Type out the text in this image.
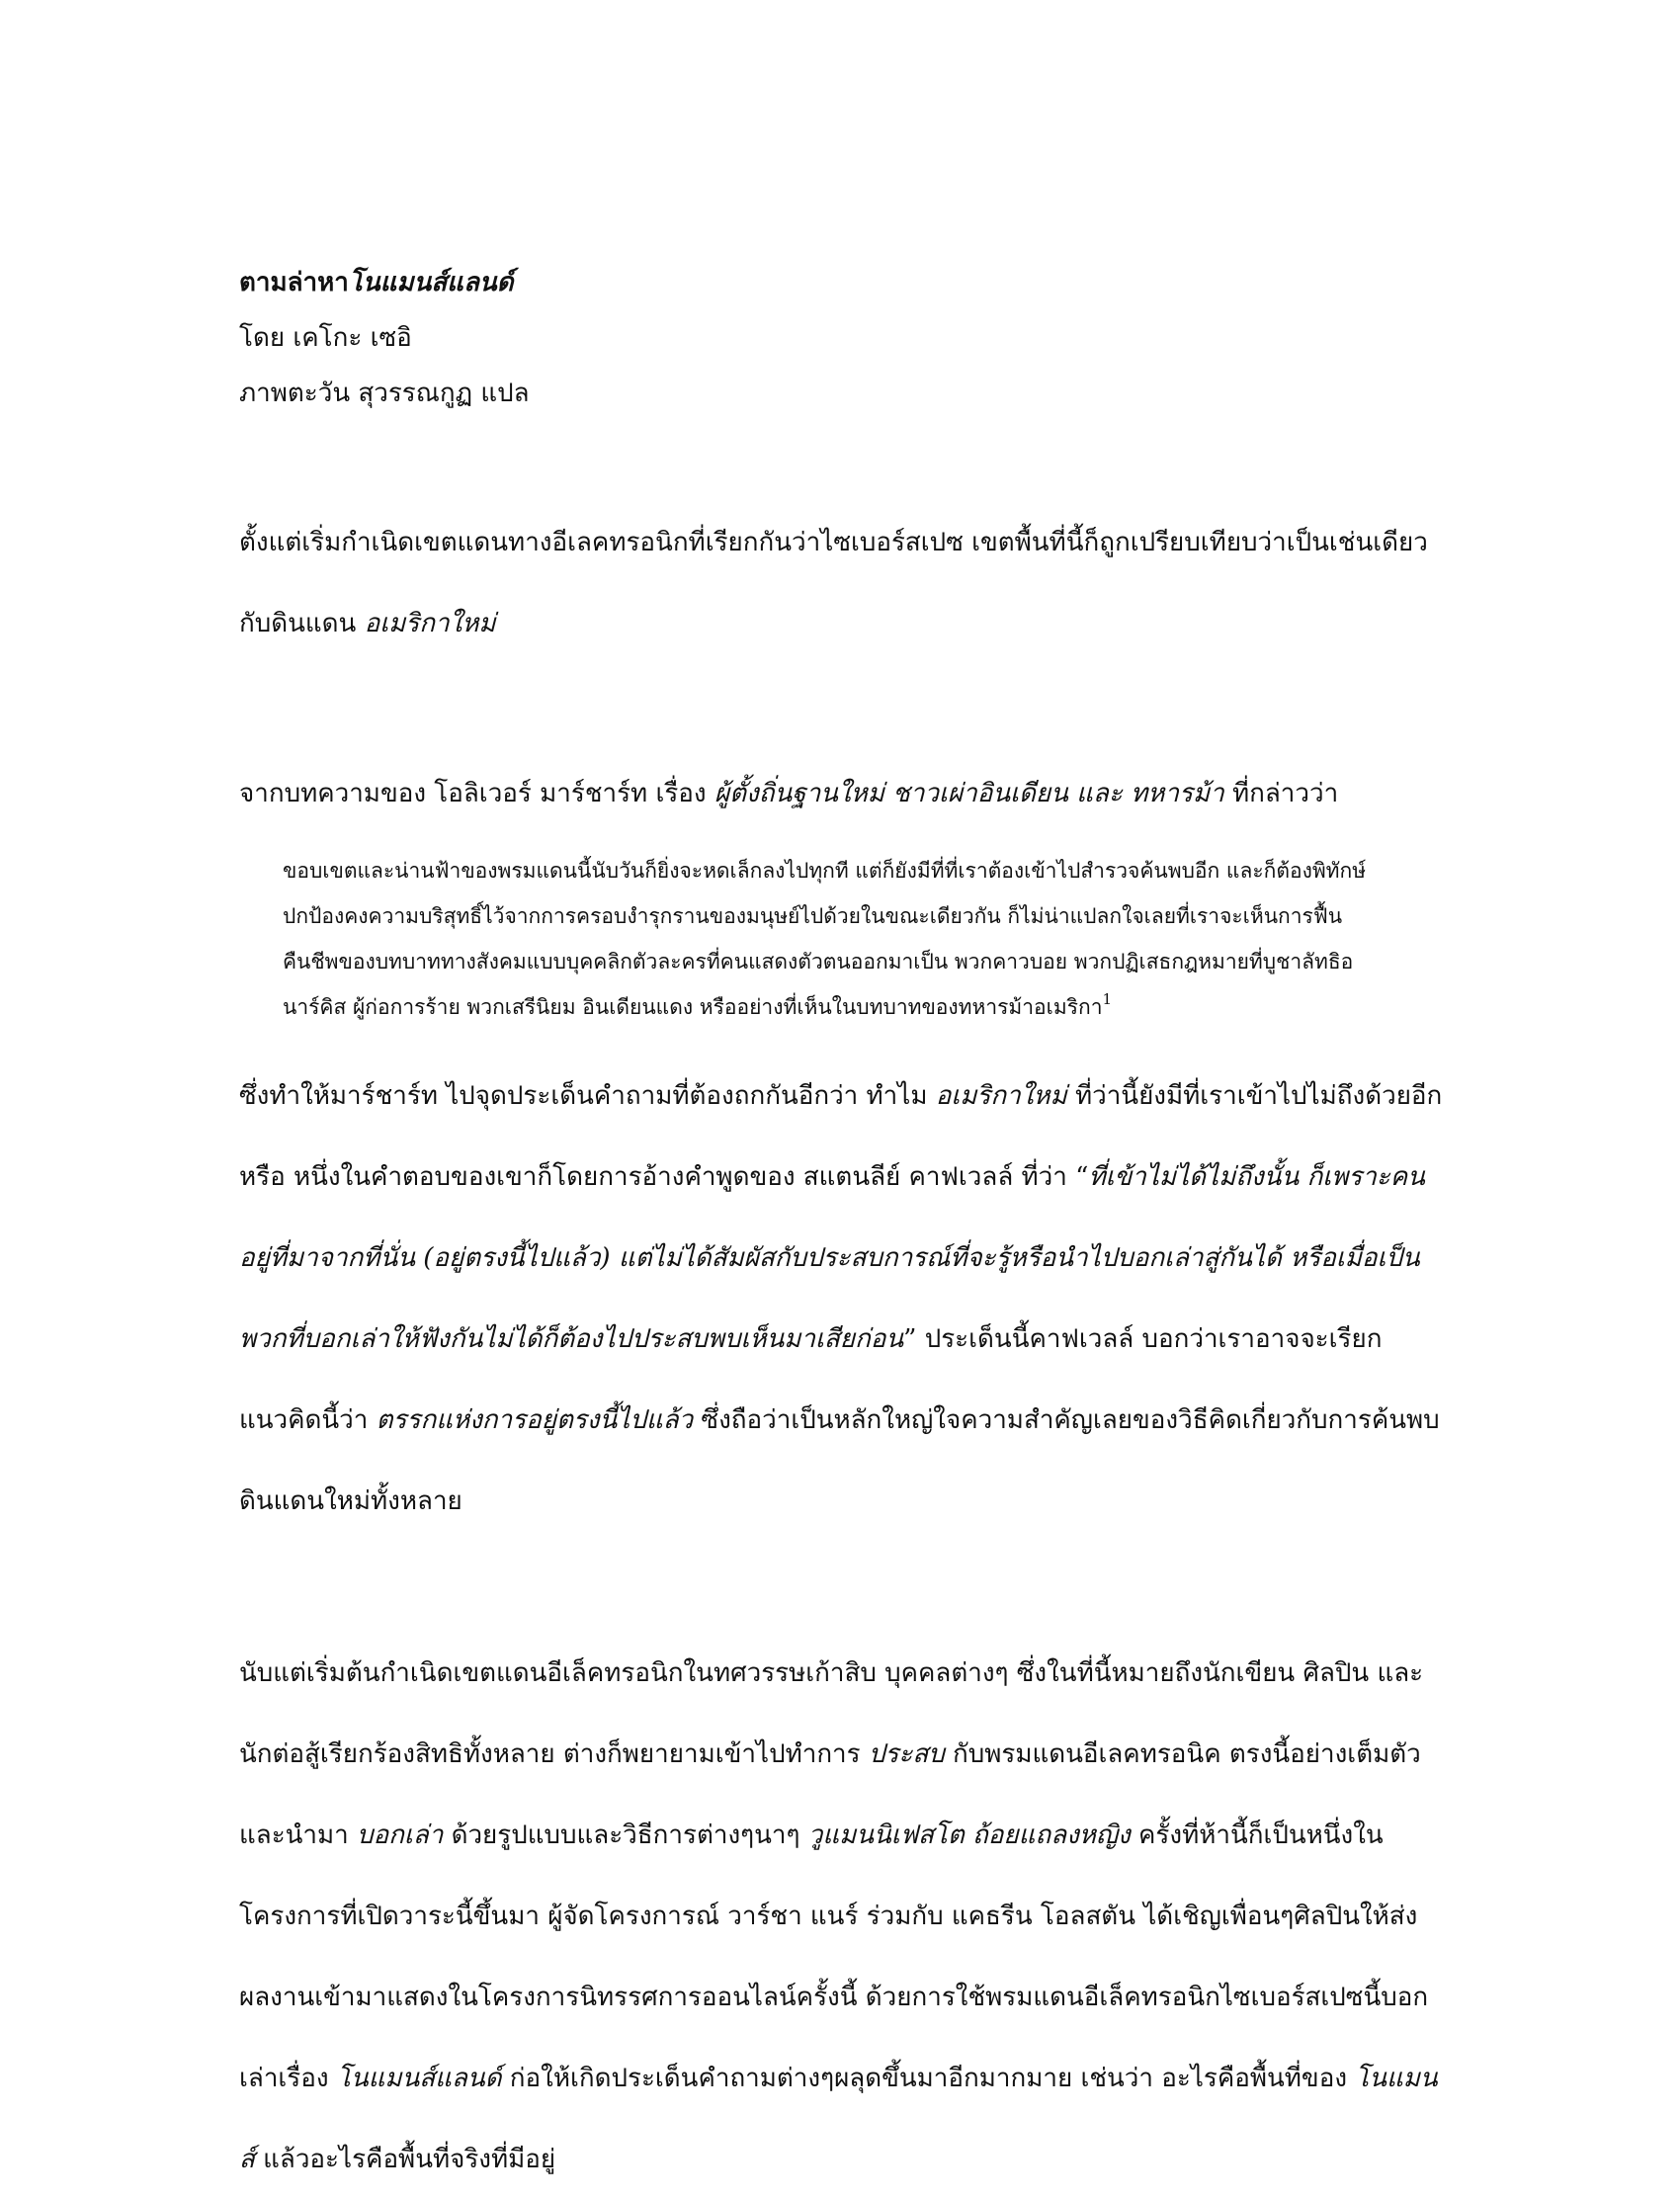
ตามล่าหาโนแมนส์แลนด์

โดย เคโกะ เซอิ

ภาพตะวัน สุวรรณกูฏ แปล

ตั้งแต่เริ่มกำเนิดเขตแดนทางอีเลคทรอนิกที่เรียกกันว่าไซเบอร์สเปซ เขตพื้นที่นี้ก็ถูกเปรียบเทียบว่าเป็นเช่นเดียวกับดินแดน อเมริกาใหม่

จากบทความของ โอลิเวอร์ มาร์ชาร์ท เรื่อง ผู้ตั้งถิ่นฐานใหม่ ชาวเผ่าอินเดียน และ ทหารม้า ที่กล่าวว่า

ขอบเขตและน่านฟ้าของพรมแดนนี้นับวันก็ยิ่งจะหดเล็กลงไปทุกที แต่ก็ยังมีที่ที่เราต้องเข้าไปสำรวจค้นพบอีก และก็ต้องพิทักษ์ปกป้องคงความบริสุทธิ์ไว้จากการครอบงำรุกรานของมนุษย์ไปด้วยในขณะเดียวกัน ก็ไม่น่าแปลกใจเลยที่เราจะเห็นการฟื้นคืนชีพของบทบาททางสังคมแบบบุคคลิกตัวละครที่คนแสดงตัวตนออกมาเป็น พวกคาวบอย พวกปฏิเสธกฎหมายที่บูชาลัทธิอนาร์คิส ผู้ก่อการร้าย พวกเสรีนิยม อินเดียนแดง หรืออย่างที่เห็นในบทบาทของทหารม้าอเมริกา$^1$

ซึ่งทำให้มาร์ชาร์ท ไปจุดประเด็นคำถามที่ต้องถกกันอีกว่า ทำไม อเมริกาใหม่ ที่ว่านี้ยังมีที่เราเข้าไปไม่ถึงด้วยอีกหรือ หนึ่งในคำตอบของเขาก็โดยการอ้างคำพูดของ สแตนลีย์ คาฟเวลล์ ที่ว่า “ที่เข้าไม่ได้ไม่ถึงนั้น ก็เพราะคนอยู่ที่มาจากที่นั่น (อยู่ตรงนี้ไปแล้ว) แต่ไม่ได้สัมผัสกับประสบการณ์ที่จะรู้หรือนำไปบอกเล่าสู่กันได้ หรือเมื่อเป็นพวกที่บอกเล่าให้ฟังกันไม่ได้ก็ต้องไปประสบพบเห็นมาเสียก่อน” ประเด็นนี้คาฟเวลล์ บอกว่าเราอาจจะเรียกแนวคิดนี้ว่า ตรรกแห่งการอยู่ตรงนี้ไปแล้ว ซึ่งถือว่าเป็นหลักใหญ่ใจความสำคัญเลยของวิธีคิดเกี่ยวกับการค้นพบดินแดนใหม่ทั้งหลาย

นับแต่เริ่มต้นกำเนิดเขตแดนอีเล็คทรอนิกในทศวรรษเก้าสิบ บุคคลต่างๆ ซึ่งในที่นี้หมายถึงนักเขียน ศิลปิน และนักต่อสู้เรียกร้องสิทธิทั้งหลาย ต่างก็พยายามเข้าไปทำการ ประสบ กับพรมแดนอีเลคทรอนิค ตรงนี้อย่างเต็มตัว และนำมา บอกเล่า ด้วยรูปแบบและวิธีการต่างๆนาๆ วูแมนนิเฟสโต ถ้อยแถลงหญิง ครั้งที่ห้านี้ก็เป็นหนึ่งในโครงการที่เปิดวาระนี้ขึ้นมา ผู้จัดโครงการณ์ วาร์ชา แนร์ ร่วมกับ แคธรีน โอลสตัน ได้เชิญเพื่อนๆศิลปินให้ส่งผลงานเข้ามาแสดงในโครงการนิทรรศการออนไลน์ครั้งนี้ ด้วยการใช้พรมแดนอีเล็คทรอนิกไซเบอร์สเปซนี้บอกเล่าเรื่อง โนแมนส์แลนด์ ก่อให้เกิดประเด็นคำถามต่างๆผลุดขึ้นมาอีกมากมาย เช่นว่า อะไรคือพื้นที่ของ โนแมนส์ แล้วอะไรคือพื้นที่จริงที่มีอยู่
